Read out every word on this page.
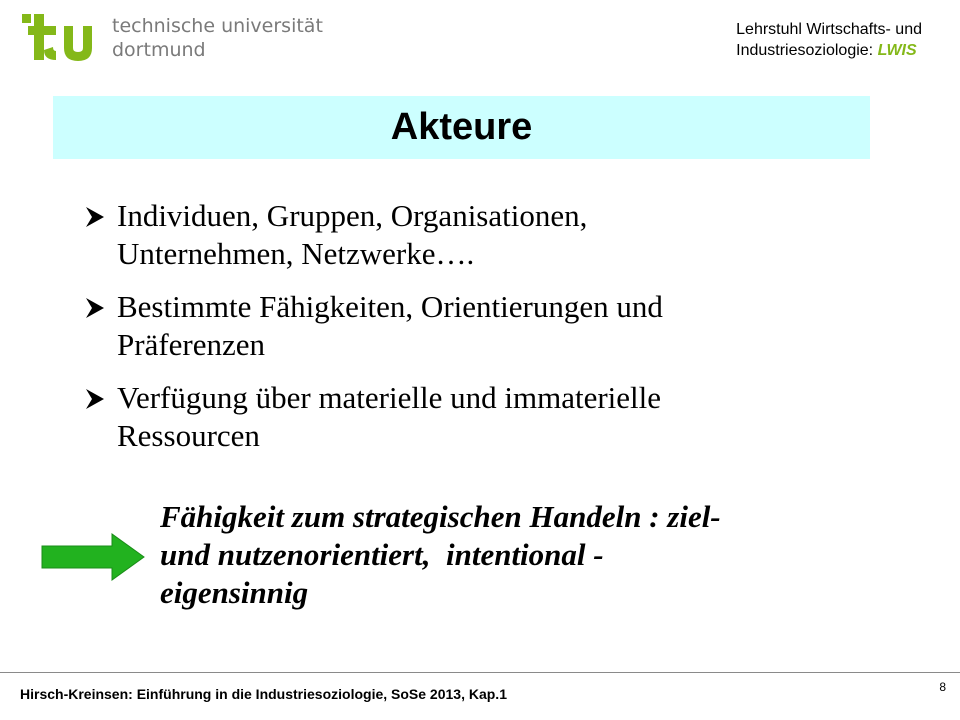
technische universität
dortmund
Lehrstuhl Wirtschafts- und
Industriesoziologie: LWIS
Akteure
Individuen, Gruppen, Organisationen,
Unternehmen, Netzwerke….
Bestimmte Fähigkeiten, Orientierungen und
Präferenzen
Verfügung über materielle und immaterielle
Ressourcen
Fähigkeit zum strategischen Handeln : ziel-
und nutzenorientiert,  intentional -
eigensinnig
Hirsch-Kreinsen: Einführung in die Industriesoziologie, SoSe 2013, Kap.1	8
